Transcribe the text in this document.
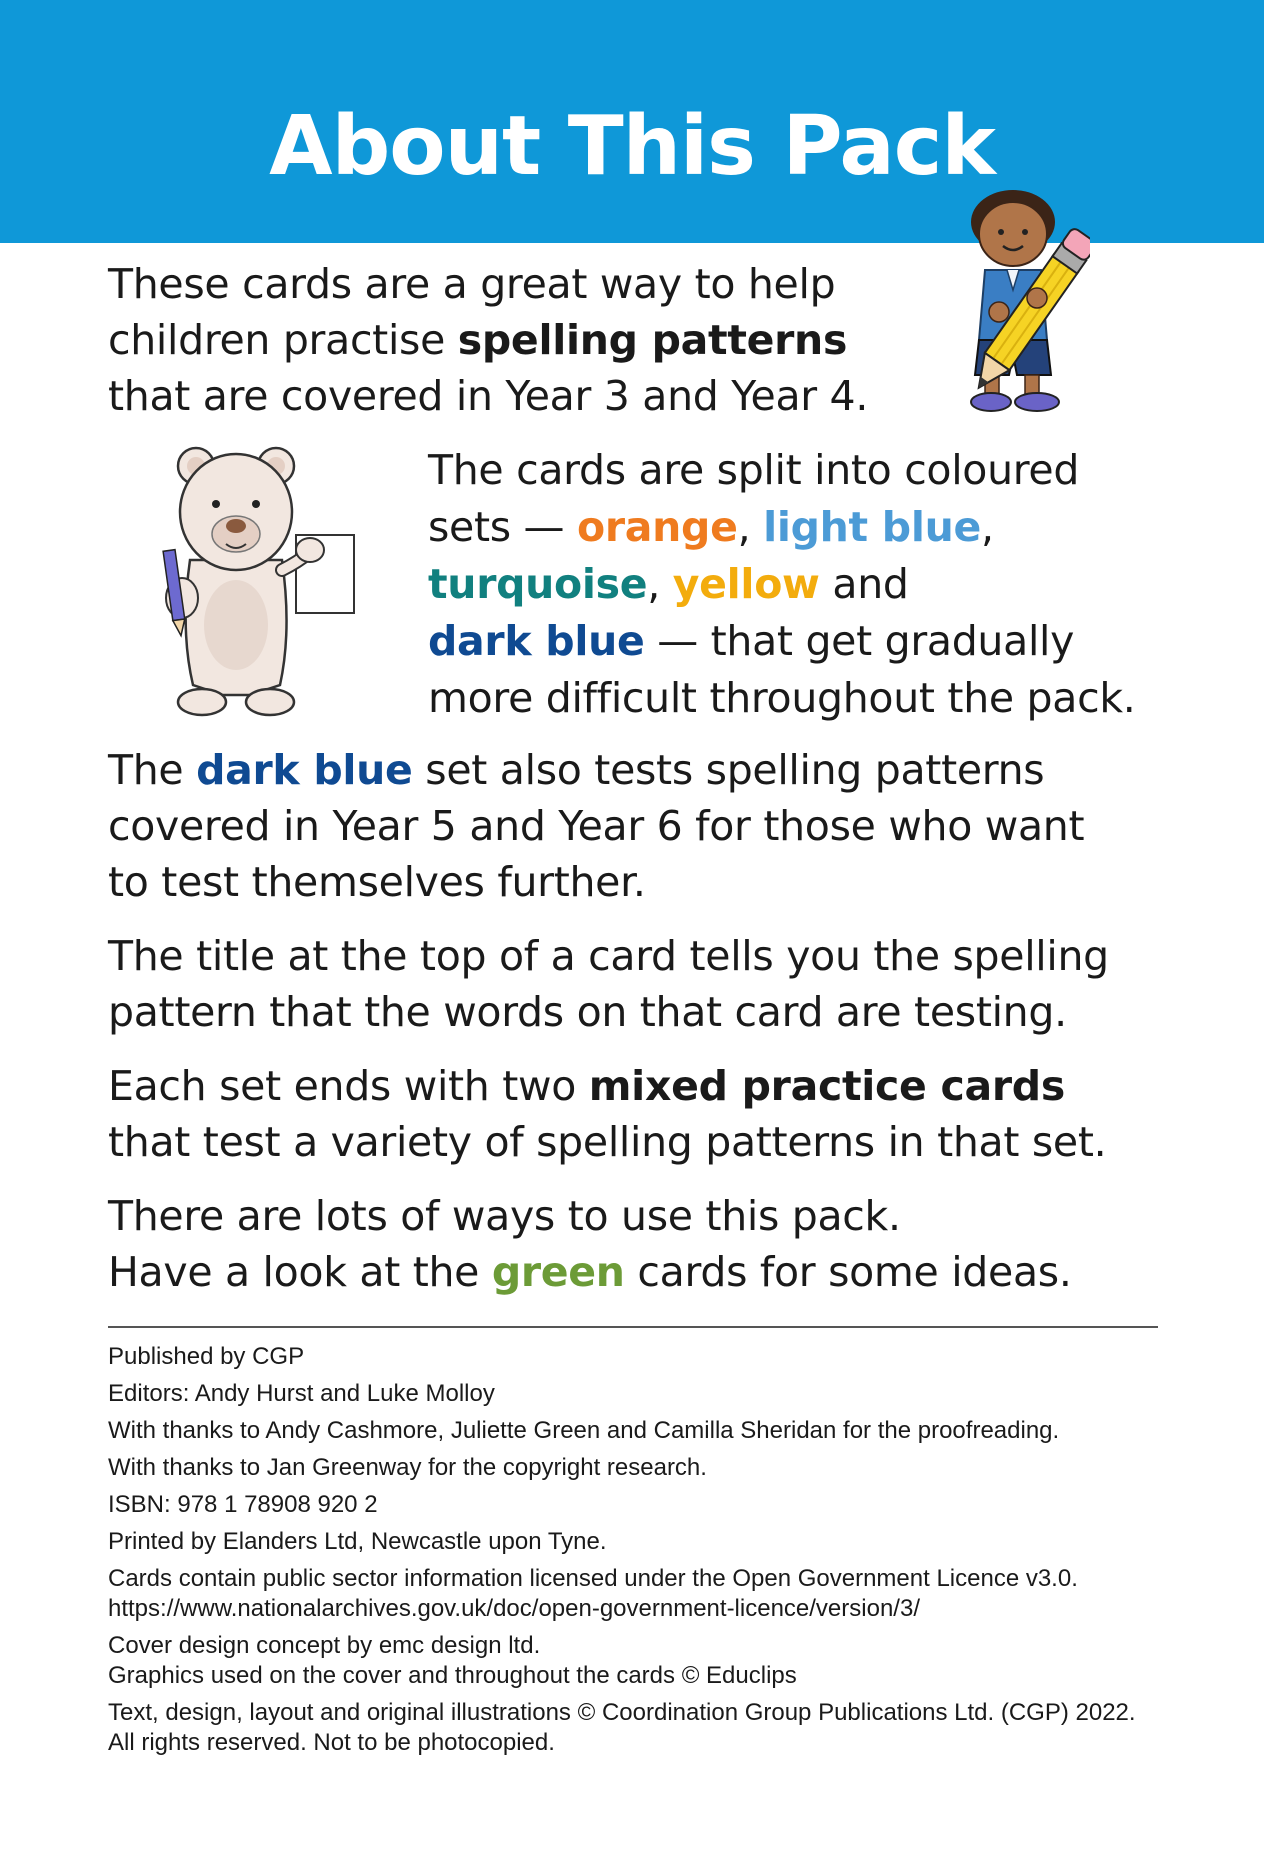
About This Pack

These cards are a great way to help
children practise spelling patterns
that are covered in Year 3 and Year 4.

The cards are split into coloured
sets — orange, light blue,
turquoise, yellow and
dark blue — that get gradually
more difficult throughout the pack.

The dark blue set also tests spelling patterns
covered in Year 5 and Year 6 for those who want
to test themselves further.

The title at the top of a card tells you the spelling
pattern that the words on that card are testing.

Each set ends with two mixed practice cards
that test a variety of spelling patterns in that set.

There are lots of ways to use this pack.
Have a look at the green cards for some ideas.

Published by CGP
Editors: Andy Hurst and Luke Molloy
With thanks to Andy Cashmore, Juliette Green and Camilla Sheridan for the proofreading.
With thanks to Jan Greenway for the copyright research.
ISBN: 978 1 78908 920 2
Printed by Elanders Ltd, Newcastle upon Tyne.
Cards contain public sector information licensed under the Open Government Licence v3.0.
https://www.nationalarchives.gov.uk/doc/open-government-licence/version/3/
Cover design concept by emc design ltd.
Graphics used on the cover and throughout the cards © Educlips
Text, design, layout and original illustrations © Coordination Group Publications Ltd. (CGP) 2022.
All rights reserved. Not to be photocopied.
